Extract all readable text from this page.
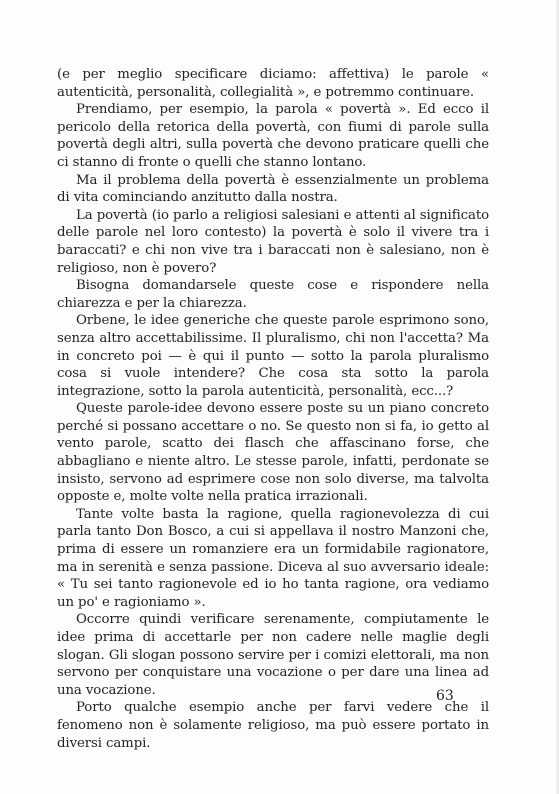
(e per meglio specificare diciamo: affettiva) le parole « autenticità, personalità, collegialità », e potremmo continuare.

Prendiamo, per esempio, la parola « povertà ». Ed ecco il pericolo della retorica della povertà, con fiumi di parole sulla povertà degli altri, sulla povertà che devono praticare quelli che ci stanno di fronte o quelli che stanno lontano.

Ma il problema della povertà è essenzialmente un problema di vita cominciando anzitutto dalla nostra.

La povertà (io parlo a religiosi salesiani e attenti al significato delle parole nel loro contesto) la povertà è solo il vivere tra i baraccati? e chi non vive tra i baraccati non è salesiano, non è religioso, non è povero?

Bisogna domandarsele queste cose e rispondere nella chiarezza e per la chiarezza.

Orbene, le idee generiche che queste parole esprimono sono, senza altro accettabilissime. Il pluralismo, chi non l'accetta? Ma in concreto poi — è qui il punto — sotto la parola pluralismo cosa si vuole intendere? Che cosa sta sotto la parola integrazione, sotto la parola autenticità, personalità, ecc...?

Queste parole-idee devono essere poste su un piano concreto perché si possano accettare o no. Se questo non si fa, io getto al vento parole, scatto dei flasch che affascinano forse, che abbagliano e niente altro. Le stesse parole, infatti, perdonate se insisto, servono ad esprimere cose non solo diverse, ma talvolta opposte e, molte volte nella pratica irrazionali.

Tante volte basta la ragione, quella ragionevolezza di cui parla tanto Don Bosco, a cui si appellava il nostro Manzoni che, prima di essere un romanziere era un formidabile ragionatore, ma in serenità e senza passione. Diceva al suo avversario ideale: « Tu sei tanto ragionevole ed io ho tanta ragione, ora vediamo un po' e ragioniamo ».

Occorre quindi verificare serenamente, compiutamente le idee prima di accettarle per non cadere nelle maglie degli slogan. Gli slogan possono servire per i comizi elettorali, ma non servono per conquistare una vocazione o per dare una linea ad una vocazione.

Porto qualche esempio anche per farvi vedere che il fenomeno non è solamente religioso, ma può essere portato in diversi campi.

63
